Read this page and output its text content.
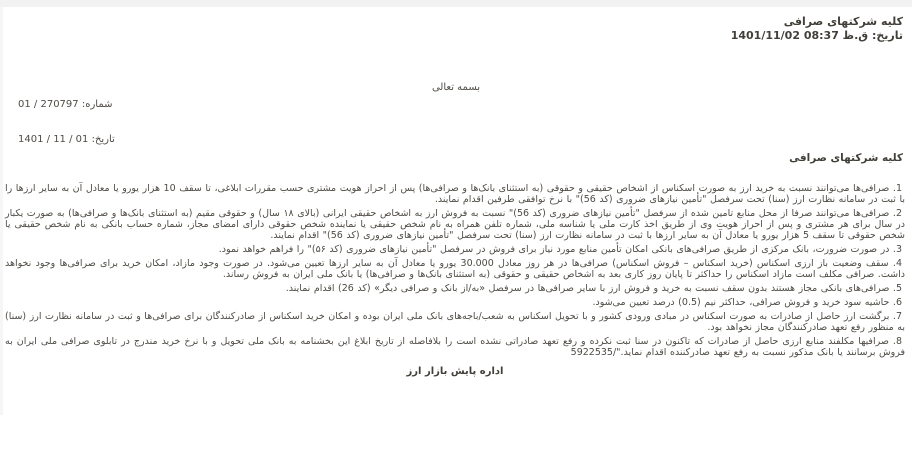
کلیه شرکتهای صرافی
تاریخ: ق.ظ 08:37 1401/11/02
بسمه تعالی
شماره: 270797 / 01
تاریخ: 01 / 11 / 1401
کلیه شرکتهای صرافی

1. صرافی‌ها می‌توانند نسبت به خرید ارز به صورت اسکناس از اشخاص حقیقی و حقوقی (به استثنای بانک‌ها و صرافی‌ها) پس از احراز هویت مشتری حسب مقررات ابلاغی، تا سقف 10 هزار یورو یا معادل آن به سایر ارزها را با ثبت در سامانه نظارت ارز (سنا) تحت سرفصل "تأمین نیازهای ضروری (کد 56)" با نرخ توافقی طرفین اقدام نمایند.

2. صرافی‌ها می‌توانند صرفا از محل منابع تامین شده از سرفصل "تأمین نیازهای ضروری (کد 56)" نسبت به فروش ارز به اشخاص حقیقی ایرانی (بالای ۱۸ سال) و حقوقی مقیم (به استثنای بانک‌ها و صرافی‌ها) به صورت یکبار در سال برای هر مشتری و پس از احراز هویت وی از طریق اخذ کارت ملی یا شناسه ملی، شماره تلفن همراه به نام شخص حقیقی یا نماینده شخص حقوقی دارای امضای مجاز، شماره حساب بانکی به نام شخص حقیقی یا شخص حقوقی تا سقف 5 هزار یورو یا معادل آن به سایر ارزها با ثبت در سامانه نظارت ارز (سنا) تحت سرفصل "تأمین نیازهای ضروری (کد 56)" اقدام نمایند.

3. در صورت ضرورت، بانک مرکزی از طریق صرافی‌های بانکی امکان تأمین منابع مورد نیاز برای فروش در سرفصل "تأمین نیازهای ضروری (کد ۵۶)" را فراهم خواهد نمود.

4. سقف وضعیت باز ارزی اسکناس (خرید اسکناس – فروش اسکناس) صرافی‌ها در هر روز معادل 30.000 یورو یا معادل آن به سایر ارزها تعیین می‌شود. در صورت وجود مازاد، امکان خرید برای صرافی‌ها وجود نخواهد داشت. صرافی مکلف است مازاد اسکناس را حداکثر تا پایان روز کاری بعد به اشخاص حقیقی و حقوقی (به استثنای بانک‌ها و صرافی‌ها) یا بانک ملی ایران به فروش رساند.

5. صرافی‌های بانکی مجاز هستند بدون سقف نسبت به خرید و فروش ارز با سایر صرافی‌ها در سرفصل «به/از بانک و صرافی دیگر» (کد 26) اقدام نمایند.

6. حاشیه سود خرید و فروش صرافی، حداکثر نیم (0.5) درصد تعیین می‌شود.

7. برگشت ارز حاصل از صادرات به صورت اسکناس در مبادی ورودی کشور و با تحویل اسکناس به شعب/باجه‌های بانک ملی ایران بوده و امکان خرید اسکناس از صادرکنندگان برای صرافی‌ها و ثبت در سامانه نظارت ارز (سنا) به منظور رفع تعهد صادرکنندگان مجاز نخواهد بود.

8. صرافیها مکلفند منابع ارزی حاصل از صادرات که تاکنون در سنا ثبت نکرده و رفع تعهد صادراتی نشده است را بلافاصله از تاریخ ابلاغ این بخشنامه به بانک ملی تحویل و با نرخ خرید مندرج در تابلوی صرافی ملی ایران به فروش برسانند یا بانک مذکور نسبت به رفع تعهد صادرکننده اقدام نماید."/5922535

اداره پایش بازار ارز
